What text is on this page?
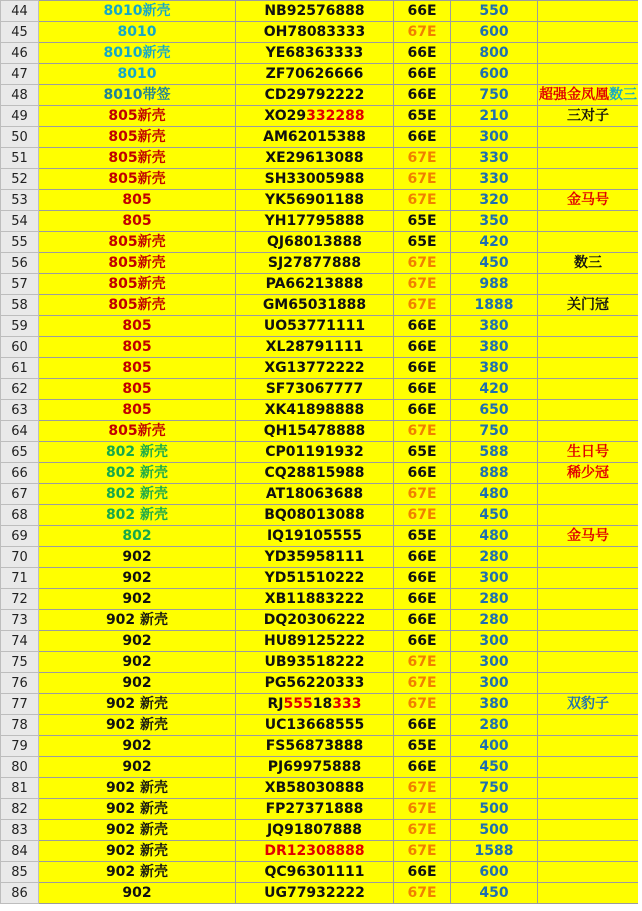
44	8010新壳	NB92576888	66E	550	
45	8010	OH78083333	67E	600	
46	8010新壳	YE68363333	66E	800	
47	8010	ZF70626666	66E	600	
48	8010带签	CD29792222	66E	750	超强金凤凰数三
49	805新壳	XO29332288	65E	210	三对子
50	805新壳	AM62015388	66E	300	
51	805新壳	XE29613088	67E	330	
52	805新壳	SH33005988	67E	330	
53	805	YK56901188	67E	320	金马号
54	805	YH17795888	65E	350	
55	805新壳	QJ68013888	65E	420	
56	805新壳	SJ27877888	67E	450	数三
57	805新壳	PA66213888	67E	988	
58	805新壳	GM65031888	67E	1888	关门冠
59	805	UO53771111	66E	380	
60	805	XL28791111	66E	380	
61	805	XG13772222	66E	380	
62	805	SF73067777	66E	420	
63	805	XK41898888	66E	650	
64	805新壳	QH15478888	67E	750	
65	802 新壳	CP01191932	65E	588	生日号
66	802 新壳	CQ28815988	66E	888	稀少冠
67	802 新壳	AT18063688	67E	480	
68	802 新壳	BQ08013088	67E	450	
69	802	IQ19105555	65E	480	金马号
70	902	YD35958111	66E	280	
71	902	YD51510222	66E	300	
72	902	XB11883222	66E	280	
73	902 新壳	DQ20306222	66E	280	
74	902	HU89125222	66E	300	
75	902	UB93518222	67E	300	
76	902	PG56220333	67E	300	
77	902 新壳	RJ55518333	67E	380	双豹子
78	902 新壳	UC13668555	66E	280	
79	902	FS56873888	65E	400	
80	902	PJ69975888	66E	450	
81	902 新壳	XB58030888	67E	750	
82	902 新壳	FP27371888	67E	500	
83	902 新壳	JQ91807888	67E	500	
84	902 新壳	DR12308888	67E	1588	
85	902 新壳	QC96301111	66E	600	
86	902	UG77932222	67E	450	
